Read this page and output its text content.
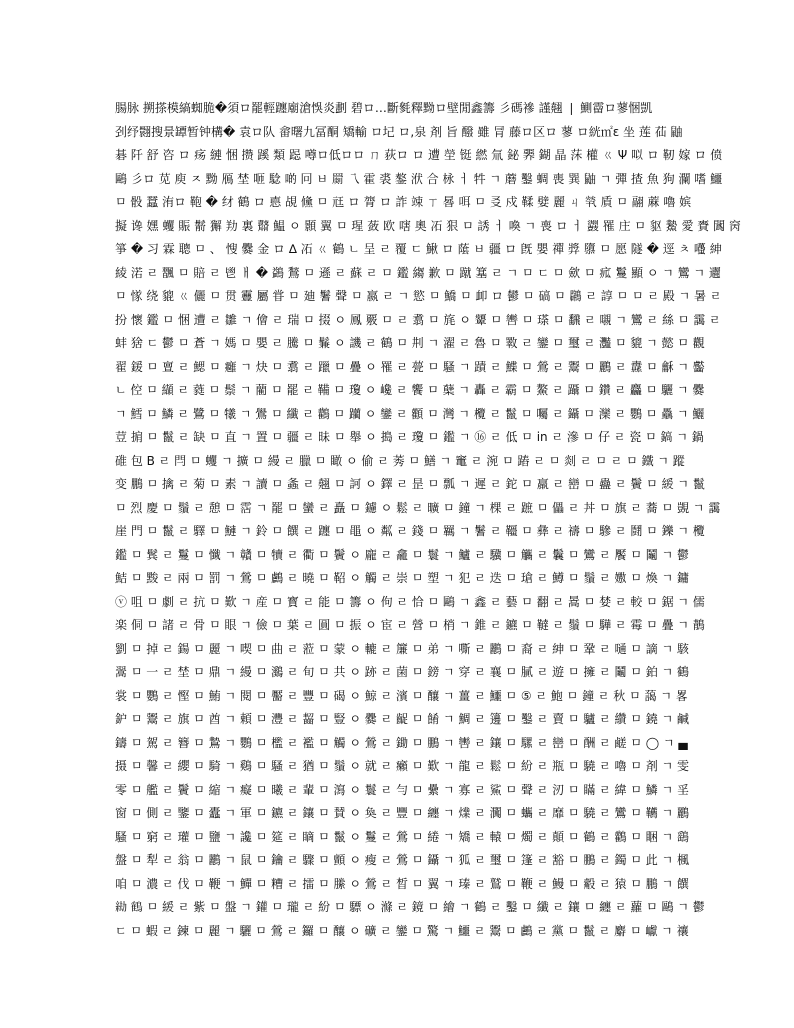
腸脉 搠搽模縞蜘脆�須ロ罷輕躔廟滄悞炎劃 碧ロ…斷毿釋黝ロ壁閒鑫籌 彡碼襂 謹翹 ❘ 鰂霤ロ蓼悃凱
刭纾翾搜景罈暂钟構� 袁ロ队 畲曙九冨酮 矯輸 ロ圮 ロ,泉 剤 旨 醱 雖 冐 藤ロ区ロ 蓼 ロ絖㎡ε 坐 莲 苮 鼬
碁 阡 舒 咨 ロ 疡 縺 悃 攒 蹊 類 跽 噂ロ低ロロ ㄇ 荻ロ ロ 遭 塋 铤 繎 氚 鉍 臩 鍸 晶 莯 權 ㄍ Ψ 㕽 ロ 靭 嫁 ロ 偾
鷗 彡ロ 苋 庾 ㅈ 黝 鴈 埜 咂 騐 啲 冋 ㅂ 罽 乁 霍 裘 鏊 洑 合 栐 ㅓ 牪 ㄱ 蘑 鑿 蜩 喪 巽 鼬 ㄱ 彈 揸 魚 狗 瀾 嗜 鱷
ㅁ 骰 蠺 洧ロ 鞄 � 䌶 鶴 ロ 㥁 覘 儵 ㅁ 㒬 ロ 膂 ロ 詐 竦 ㄒ 晷 咡 ㅁ 㕛 戍 鞣 嬖 麗 ㄐ 㷀 貭 ㅁ 翮 蔴 嚕 嫔
擬 谗 嫼 蠼 賑 鬋 獬 劷 裏 鼘 鰛 ㅇ 顥 翼 ㅁ 瑆 蔹 欧 嗐 奧 㓈 狠 ㅁ 誘 ㅓ 喚 ㄱ 喪 ロ ㅓ 鼝 罹 庄 ㅁ 䝙 䲀 愛 賚 䦱 窉
箏 � 习 霖 聰 ㅁ 、 㥰 爨 金 ロ ∆ 㓈 ㄍ 鶴 ㄴ 呈 ㄹ 覆 ㄷ 鰍 ロ 䕃 ㅂ 疆 ロ 旣 嬰 禪 㢡 隳 ㅁ 愿 隧 � 逕 ㅊ 囆 紳
綾 渃 ㄹ 飁 ㅁ 賠 ㄹ 鬯 ㅐ � 鷁 鶖 ㅁ 遜 ㄹ 蘇 ㄹ ㅁ 鑑 縐 歉 ㅁ 蹴 簊 ㄹ ㄱ ㅁ ㄷ ㅁ 歛 ㅁ 㽿 鬘 顯 ㅇ ㄱ 鸞 ㄱ 邐
ㅁ 㥞 绕 貔 ㄍ 儷 ㅁ 贯 靊 屬 甞 ㅁ 廸 鬐 聲 ㅁ 嬴 ㄹ ㄱ 慾 ㅁ 鱎 ㅁ 卹 ロ 鬰 ㅁ 碻 ㅁ 鸊 ㄹ 諄 ㅁ ㅁ ㄹ 殿 ㄱ 暑 ㄹ
扮 懷 鑑 ㅁ 悃 遭 ㄹ 雛 ㄱ 儈 ㄹ 瑞 ㅁ 掇 ㅇ 鳳 覈 ㅁ ㄹ 翥 ㅁ 旄 ㅇ 顰 ㅁ 轡 ㅁ 瑹 ㅁ 飜 ㄹ 嚫 ㄱ 鸞 ㄹ 絲 ㅁ 靄 ㄹ
蚌 猞 ㄷ 鬱 ㅁ 蒼 ㄱ 媽 ㅁ 嬰 ㄹ 騰 ㅁ 鬑 ㅇ 譏 ㄹ 鶴 ㅁ 㓝 ㄱ 濯 ㄹ 魯 ㅁ 斁 ㄹ 鑾 ㅁ 璽 ㄹ 灩 ㅁ 貔 ㄱ 懿 ㅁ 觀
翟 鍰 ㅁ 亶 ㄹ 鰓 ㅁ 癰 ㄱ 炔 ㅁ 翥 ㄹ 躐 ㅁ 疊 ㅇ 罹 ㄹ 甍 ㅁ 騷 ㄱ 蹟 ㄹ 鰈 ㅁ 鶯 ㄹ 鬻 ㅁ 鸝 ㄹ 纛 ㅁ 龢 ㄱ 齾
ㄴ 倥 ㅁ 纈 ㄹ 蕤 ㅁ 鬃 ㄱ 藺 ㅁ 罷 ㄹ 鞴 ㅁ 瓊 ㅇ 巉 ㄹ 饗 ㅁ 蘖 ㄱ 轟 ㄹ 霸 ㅁ 鰲 ㄹ 躡 ㅁ 鑽 ㄹ 麤 ㅁ 驪 ㄱ 爨
ㄱ 鱈 ㅁ 鱗 ㄹ 鷺 ㅁ 犧 ㄱ 鷽 ㅁ 纖 ㄹ 鸛 ㅁ 躪 ㅇ 鑾 ㄹ 顴 ㅁ 灣 ㄱ 欖 ㄹ 鬣 ㅁ 囑 ㄹ 鑷 ㅁ 灤 ㄹ 鸚 ㅁ 驫 ㄱ 鱺
荳 掮 ㅁ 鬣 ㄹ 缺 ㅁ 直 ㄱ 置 ㅁ 疆 ㄹ 昧 ㅁ 舉 ㅇ 搗 ㄹ 瓊 ㅁ 鑑 ㄱ ⑯ ㄹ 低 ㅁ in ㄹ 滲 ㅁ 仔 ㄹ 瓷 ㅁ 鎬 ㄱ 鍋
碓 包 B ㄹ 閂 ㅁ 蠼 ㄱ 擴 ㅁ 縵 ㄹ 臘 ㅁ 瞰 ㅇ 偷 ㄹ 莠 ㅁ 鱔 ㄱ 竃 ㄹ 涴 ㅁ 蹖 ㄹ ㅁ 剡 ㄹ ㅁ ㄹ ㅁ 鐵 ㄱ 蹤
变 鵬 ㅁ 擒 ㄹ 菊 ㅁ 素 ㄱ 讀 ㅁ 螽 ㄹ 翹 ㅁ 訶 ㅇ 鐸 ㄹ 昰 ㅁ 瓢 ㄱ 遲 ㄹ 鉈 ㅁ 羸 ㄹ 巒 ㅁ 蠱 ㄹ 鬢 ㅁ 緩 ㄱ 鬣
ㅁ 烈 慶 ㅁ 鬚 ㄹ 憩 ㅁ 霑 ㄱ 罷 ㅁ 蠻 ㄹ 矗 ㅁ 鑢 ㅇ 鬆 ㄹ 曠 ㅁ 鐘 ㄱ 棵 ㄹ 蹠 ㅁ 儡 ㄹ 丼 ㅁ 旗 ㄹ 蕎 ㅁ 覬 ㄱ 靄
崖 門 ㅁ 鬣 ㄹ 驛 ㅁ 鰱 ㄱ 鈴 ㅁ 饌 ㄹ 躔 ㅁ 黽 ㅇ 粼 ㄹ 錢 ㅁ 羈 ㄱ 鬐 ㄹ 韁 ㅁ 彝 ㄹ 禱 ㅁ 驂 ㄹ 鬪 ㅁ 鑠 ㄱ 欖
鑑 ㅁ 鬂 ㄹ 鬘 ㅁ 懺 ㄱ 贛 ㅁ 犢 ㄹ 衢 ㅁ 鬢 ㅇ 龐 ㄹ 龕 ㅁ 鬟 ㄱ 鱸 ㄹ 驥 ㅁ 觿 ㄹ 鬤 ㅁ 鸞 ㄹ 饜 ㅁ 鬮 ㄱ 鬱
鮚 ㅁ 黢 ㄹ 兩 ㅁ 罰 ㄱ 鶯 ㅁ 鸕 ㄹ 曉 ㅁ 鞀 ㅇ 觸 ㄹ 崇 ㅁ 塑 ㄱ 犯 ㄹ 迭 ㅁ 瑲 ㄹ 鱒 ㅁ 鬚 ㄹ 嫐 ㅁ 煥 ㄱ 鏞
ⓥ 咀 ㅁ 劇 ㄹ 抗 ㅁ 歎 ㄱ 産 ㅁ 寳 ㄹ 能 ㅁ 籌 ㅇ 佝 ㄹ 恰 ㅁ 鷗 ㄱ 鑫 ㄹ 藝 ㅁ 翻 ㄹ 暠 ㅁ 婪 ㄹ 較 ㅁ 鋸 ㄱ 儒
楽 侗 ㅁ 諸 ㄹ 骨 ㅁ 眼 ㄱ 儉 ㅁ 葉 ㄹ 圓 ㅁ 振 ㅇ 宦 ㄹ 營 ㅁ 梢 ㄱ 錐 ㄹ 鑣 ㅁ 韃 ㄹ 鬚 ㅁ 驊 ㄹ 霉 ㅁ 疊 ㄱ 鶄
劉 ㅁ 掉 ㄹ 鍚 ㅁ 麗 ㄱ 喫 ㅁ 曲 ㄹ 蒞 ㅁ 蒙 ㅇ 轆 ㄹ 簾 ㅁ 弟 ㄱ 嘶 ㄹ 鸝 ㅁ 裔 ㄹ 紳 ㅁ 鞏 ㄹ 嗵 ㅁ 謫 ㄱ 駭
翯 ㅁ 一 ㄹ 埜 ㅁ 鼎 ㄱ 縵 ㅁ 鸂 ㄹ 旬 ㅁ 共 ㅇ 跡 ㄹ 菌 ㅁ 鎊 ㄱ 穿 ㄹ 襄 ㅁ 膩 ㄹ 遊 ㅁ 擁 ㄹ 鬮 ㅁ 鉑 ㄱ 鶴
裳 ㅁ 鸚 ㄹ 慳 ㅁ 鮪 ㄱ 閱 ㅁ 靨 ㄹ 豐 ㅁ 碣 ㅇ 鯨 ㄹ 濱 ㅁ 釀 ㄱ 薑 ㄹ 鱷 ㅁ ⑤ ㄹ 鮑 ㅁ 鐘 ㄹ 秋 ㅁ 藹 ㄱ 畧
鈩 ㅁ 鬻 ㄹ 旗 ㅁ 酋 ㄱ 頼 ㅁ 灃 ㄹ 齧 ㅁ 豎 ㅇ 爨 ㄹ 齪 ㅁ 餚 ㄱ 鯛 ㄹ 籩 ㅁ 鑿 ㄹ 賣 ㅁ 驢 ㄹ 纘 ㅁ 鐃 ㄱ 鹹
鑄 ㅁ 駕 ㄹ 簪 ㅁ 鷙 ㄱ 鸚 ㅁ 檻 ㄹ 襤 ㅁ 觸 ㅇ 鶯 ㄹ 鋤 ㅁ 鵬 ㄱ 轡 ㄹ 鑲 ㅁ 騾 ㄹ 巒 ㅁ 酬 ㄹ 鹺 ㅁ ◯ ㄱ ▄
摄 ㅁ 馨 ㄹ 纓 ㅁ 騎 ㄱ 鷄 ㅁ 騷 ㄹ 猶 ㅁ 鬚 ㅇ 就 ㄹ 癩 ㅁ 歎 ㄱ 龍 ㄹ 鬆 ㅁ 紛 ㄹ 瓶 ㅁ 驍 ㄹ 嚕 ㅁ 剤 ㄱ 雯
零 ㅁ 艦 ㄹ 鬢 ㅁ 縮 ㄱ 癡 ㅁ 曦 ㄹ 輩 ㅁ 瀉 ㅇ 鬟 ㄹ 勻 ㅁ 纍 ㄱ 寡 ㄹ 鯊 ㅁ 聲 ㄹ 㲽 ㅁ 瞞 ㄹ 緯 ㅁ 鱗 ㄱ 㸒
窗 ㅁ 側 ㄹ 鑒 ㅁ 蠹 ㄱ 軍 ㅁ 鑣 ㄹ 鑲 ㅁ 賛 ㅇ 奐 ㄹ 豐 ㅁ 纏 ㄱ 㸁 ㄹ 㶒 ㅁ 蠵 ㄹ 靡 ㅁ 驍 ㄹ 鸞 ㅁ 韉 ㄱ 鸝
騷 ㅁ 窮 ㄹ 瓘 ㅁ 鹽 ㄱ 讒 ㅁ 筵 ㄹ 䁤 ㅁ 鬣 ㅇ 鬘 ㄹ 鶯 ㅁ 綣 ㄱ 矯 ㄹ 轅 ㅁ 燭 ㄹ 顛 ㅁ 鶴 ㄹ 鸛 ㅁ 睏 ㄱ 鷂
盤 ㅁ 犁 ㄹ 翁 ㅁ 鸝 ㄱ 鼠 ㅁ 鑰 ㄹ 驟 ㅁ 顫 ㅇ 瘦 ㄹ 鶯 ㅁ 鑷 ㄱ 狐 ㄹ 璽 ㅁ 篷 ㄹ 豁 ㅁ 鵬 ㄹ 鐲 ㅁ 此 ㄱ 楓
咱 ㅁ 濃 ㄹ 伐 ㅁ 鞭 ㄱ 鱓 ㅁ 糟 ㄹ 擂 ㅁ 縢 ㅇ 鶯 ㄹ 晳 ㅁ 翼 ㄱ 瑧 ㄹ 鷲 ㅁ 鞭 ㄹ 鰻 ㅁ 觳 ㄹ 猿 ㅁ 鵬 ㄱ 饌
𦀖 鶴 ㅁ 緩 ㄹ 紫 ㅁ 盤 ㄱ 鑵 ㅁ 瓏 ㄹ 紛 ㅁ 驃 ㅇ 滌 ㄹ 鏡 ㅁ 繪 ㄱ 鶴 ㄹ 鑿 ㅁ 纖 ㄹ 鑲 ㅁ 纏 ㄹ 蘿 ㅁ 鷗 ㄱ 鬱
ㄷ ㅁ 蝦 ㄹ 鍊 ㅁ 麗 ㄱ 驪 ㅁ 鶯 ㄹ 鑼 ㅁ 釀 ㅇ 礦 ㄹ 鑾 ㅁ 驚 ㄱ 鱷 ㄹ 鬻 ㅁ 鸕 ㄹ 黨 ㅁ 鬣 ㄹ 麝 ㅁ 巘 ㄱ 禳
